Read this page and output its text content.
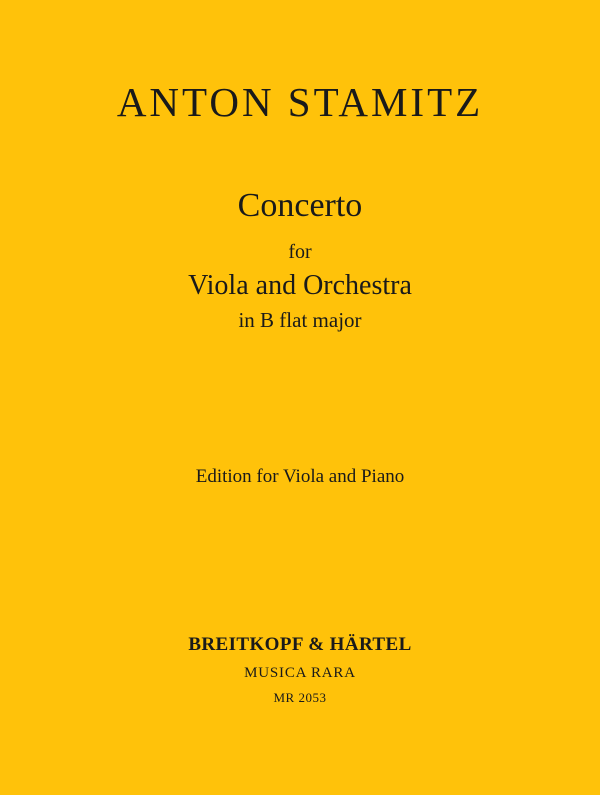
ANTON STAMITZ
Concerto
for
Viola and Orchestra
in B flat major
Edition for Viola and Piano
BREITKOPF & HÄRTEL
MUSICA RARA
MR 2053
